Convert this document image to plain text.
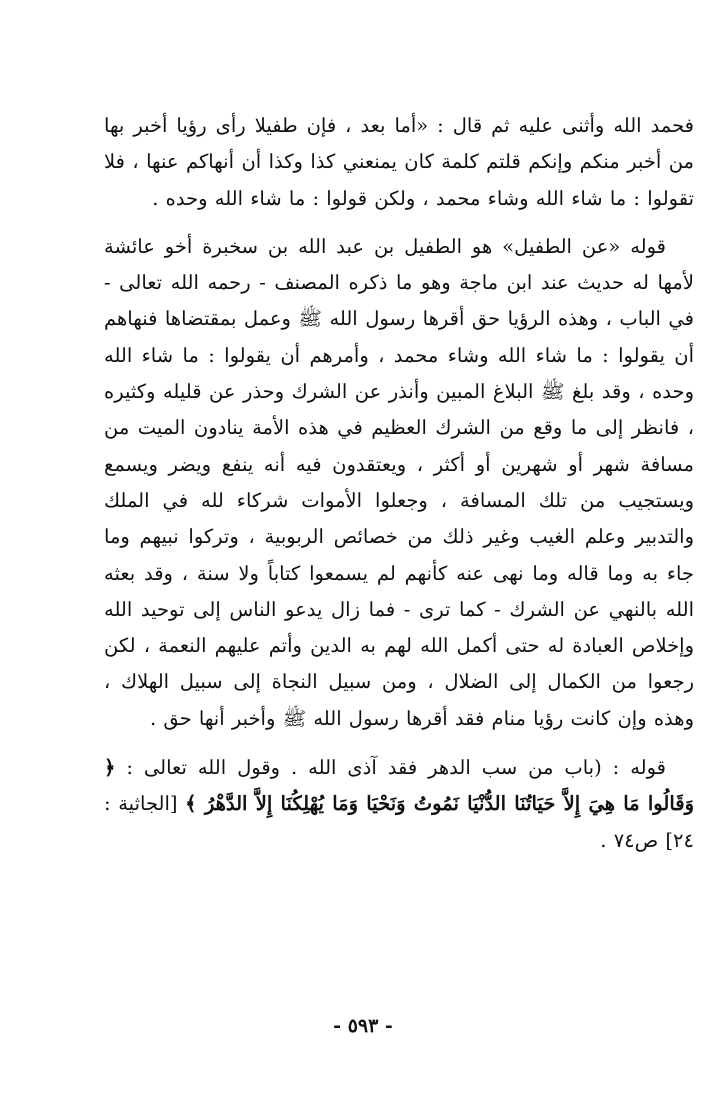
فحمد الله وأثنى عليه ثم قال : «أما بعد ، فإن طفيلا رأى رؤيا أخبر بها من أخبر منكم وإنكم قلتم كلمة كان يمنعني كذا وكذا أن أنهاكم عنها ، فلا تقولوا : ما شاء الله وشاء محمد ، ولكن قولوا : ما شاء الله وحده .

قوله «عن الطفيل» هو الطفيل بن عبد الله بن سخبرة أخو عائشة لأمها له حديث عند ابن ماجة وهو ما ذكره المصنف - رحمه الله تعالى - في الباب ، وهذه الرؤيا حق أقرها رسول الله ﷺ وعمل بمقتضاها فنهاهم أن يقولوا : ما شاء الله وشاء محمد ، وأمرهم أن يقولوا : ما شاء الله وحده ، وقد بلغ ﷺ البلاغ المبين وأنذر عن الشرك وحذر عن قليله وكثيره ، فانظر إلى ما وقع من الشرك العظيم في هذه الأمة ينادون الميت من مسافة شهر أو شهرين أو أكثر ، ويعتقدون فيه أنه ينفع ويضر ويسمع ويستجيب من تلك المسافة ، وجعلوا الأموات شركاء لله في الملك والتدبير وعلم الغيب وغير ذلك من خصائص الربوبية ، وتركوا نبيهم وما جاء به وما قاله وما نهى عنه كأنهم لم يسمعوا كتاباً ولا سنة ، وقد بعثه الله بالنهي عن الشرك - كما ترى - فما زال يدعو الناس إلى توحيد الله وإخلاص العبادة له حتى أكمل الله لهم به الدين وأتم عليهم النعمة ، لكن رجعوا من الكمال إلى الضلال ، ومن سبيل النجاة إلى سبيل الهلاك ، وهذه وإن كانت رؤيا منام فقد أقرها رسول الله ﷺ وأخبر أنها حق .

قوله : (باب من سب الدهر فقد آذى الله . وقول الله تعالى : ﴿ وَقَالُوا مَا هِيَ إِلاَّ حَيَاتُنَا الدُّنْيَا نَمُوتُ وَنَحْيَا وَمَا يُهْلِكُنَا إِلاَّ الدَّهْرُ ﴾ [الجاثية : ٢٤] ص٧٤ .

- ٥٩٣ -
